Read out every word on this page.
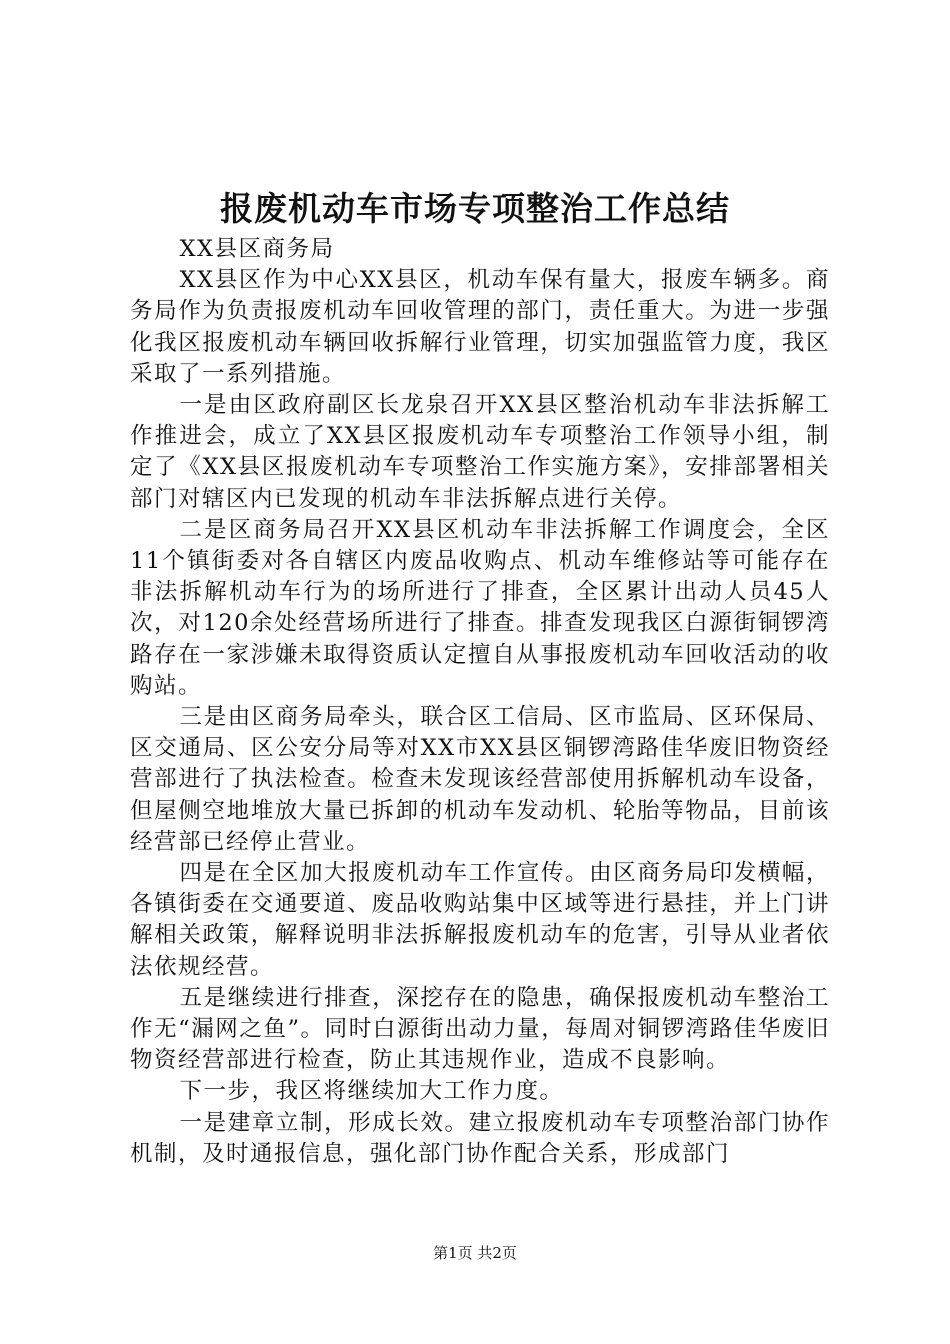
报废机动车市场专项整治工作总结

XX县区商务局

XX县区作为中心XX县区，机动车保有量大，报废车辆多。商务局作为负责报废机动车回收管理的部门，责任重大。为进一步强化我区报废机动车辆回收拆解行业管理，切实加强监管力度，我区采取了一系列措施。

一是由区政府副区长龙泉召开XX县区整治机动车非法拆解工作推进会，成立了XX县区报废机动车专项整治工作领导小组，制定了《XX县区报废机动车专项整治工作实施方案》，安排部署相关部门对辖区内已发现的机动车非法拆解点进行关停。

二是区商务局召开XX县区机动车非法拆解工作调度会，全区11个镇街委对各自辖区内废品收购点、机动车维修站等可能存在非法拆解机动车行为的场所进行了排查，全区累计出动人员45人次，对120余处经营场所进行了排查。排查发现我区白源街铜锣湾路存在一家涉嫌未取得资质认定擅自从事报废机动车回收活动的收购站。

三是由区商务局牵头，联合区工信局、区市监局、区环保局、区交通局、区公安分局等对XX市XX县区铜锣湾路佳华废旧物资经营部进行了执法检查。检查未发现该经营部使用拆解机动车设备，但屋侧空地堆放大量已拆卸的机动车发动机、轮胎等物品，目前该经营部已经停止营业。

四是在全区加大报废机动车工作宣传。由区商务局印发横幅，各镇街委在交通要道、废品收购站集中区域等进行悬挂，并上门讲解相关政策，解释说明非法拆解报废机动车的危害，引导从业者依法依规经营。

五是继续进行排查，深挖存在的隐患，确保报废机动车整治工作无“漏网之鱼”。同时白源街出动力量，每周对铜锣湾路佳华废旧物资经营部进行检查，防止其违规作业，造成不良影响。

下一步，我区将继续加大工作力度。

一是建章立制，形成长效。建立报废机动车专项整治部门协作机制，及时通报信息，强化部门协作配合关系，形成部门

第1页 共2页
